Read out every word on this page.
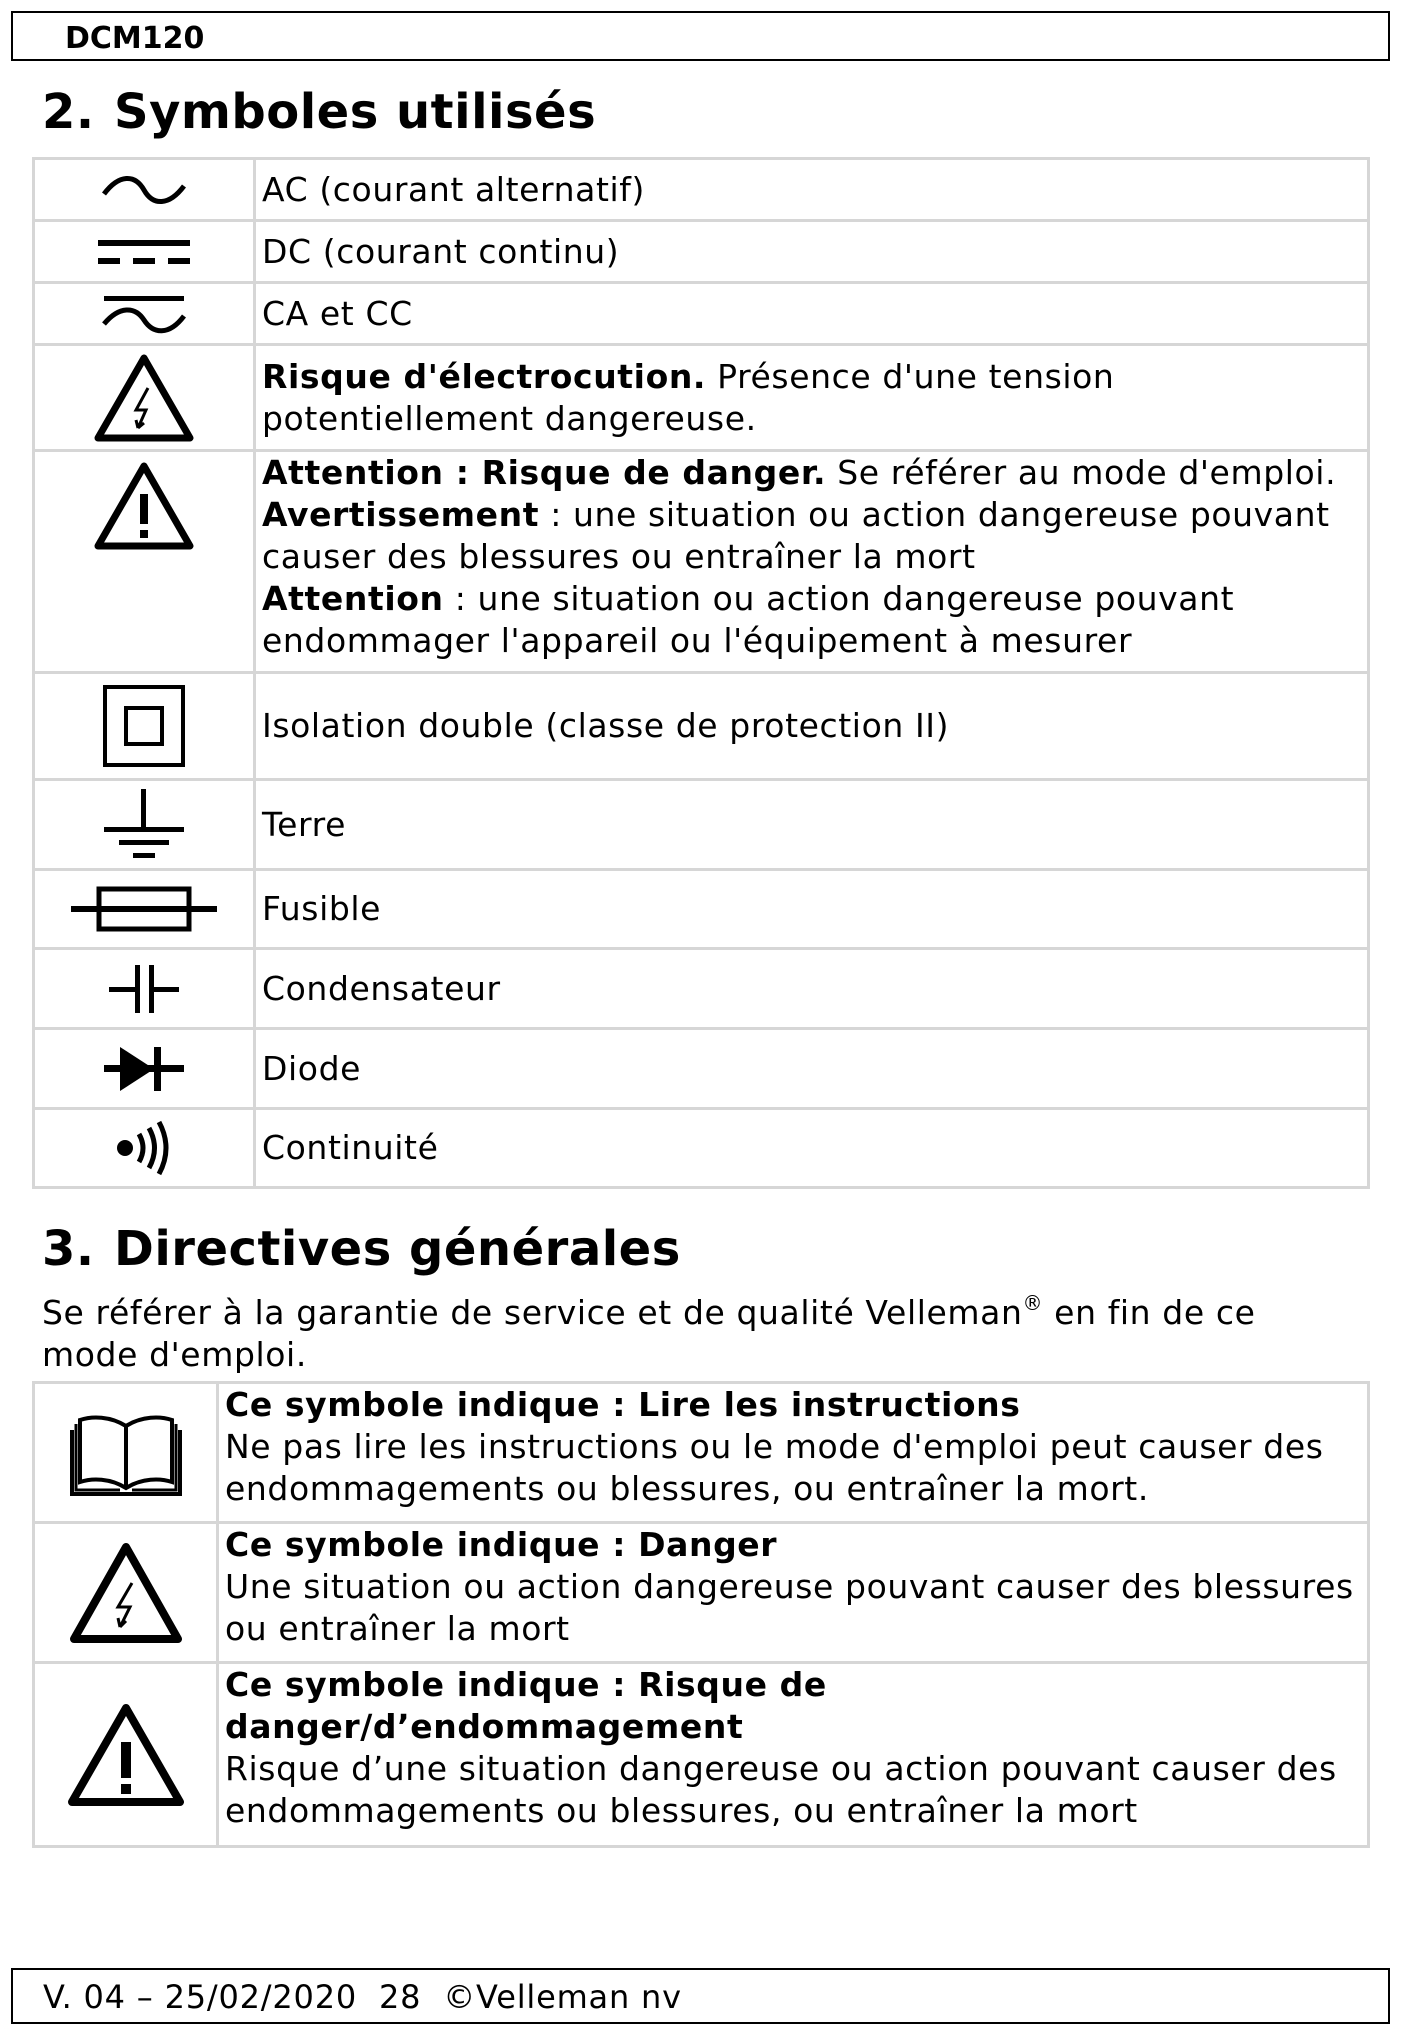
DCM120
2. Symboles utilisés
	AC (courant alternatif)

	DC (courant continu)

	CA et CC

	Risque d'électrocution. Présence d'une tension potentiellement dangereuse.

Attention : Risque de danger. Se référer au mode d'emploi.
Avertissement : une situation ou action dangereuse pouvant causer des blessures ou entraîner la mort
Attention : une situation ou action dangereuse pouvant endommager l'appareil ou l'équipement à mesurer

	Isolation double (classe de protection II)

	Terre

	Fusible

	Condensateur

	Diode

	Continuité
3. Directives générales
Se référer à la garantie de service et de qualité Velleman® en fin de ce mode d'emploi.

Ce symbole indique : Lire les instructions
Ne pas lire les instructions ou le mode d'emploi peut causer des endommagements ou blessures, ou entraîner la mort.

Ce symbole indique : Danger
Une situation ou action dangereuse pouvant causer des blessures ou entraîner la mort

Ce symbole indique : Risque de danger/d’endommagement
Risque d’une situation dangereuse ou action pouvant causer des endommagements ou blessures, ou entraîner la mort
V. 04 – 25/02/2020  28  ©Velleman nv
